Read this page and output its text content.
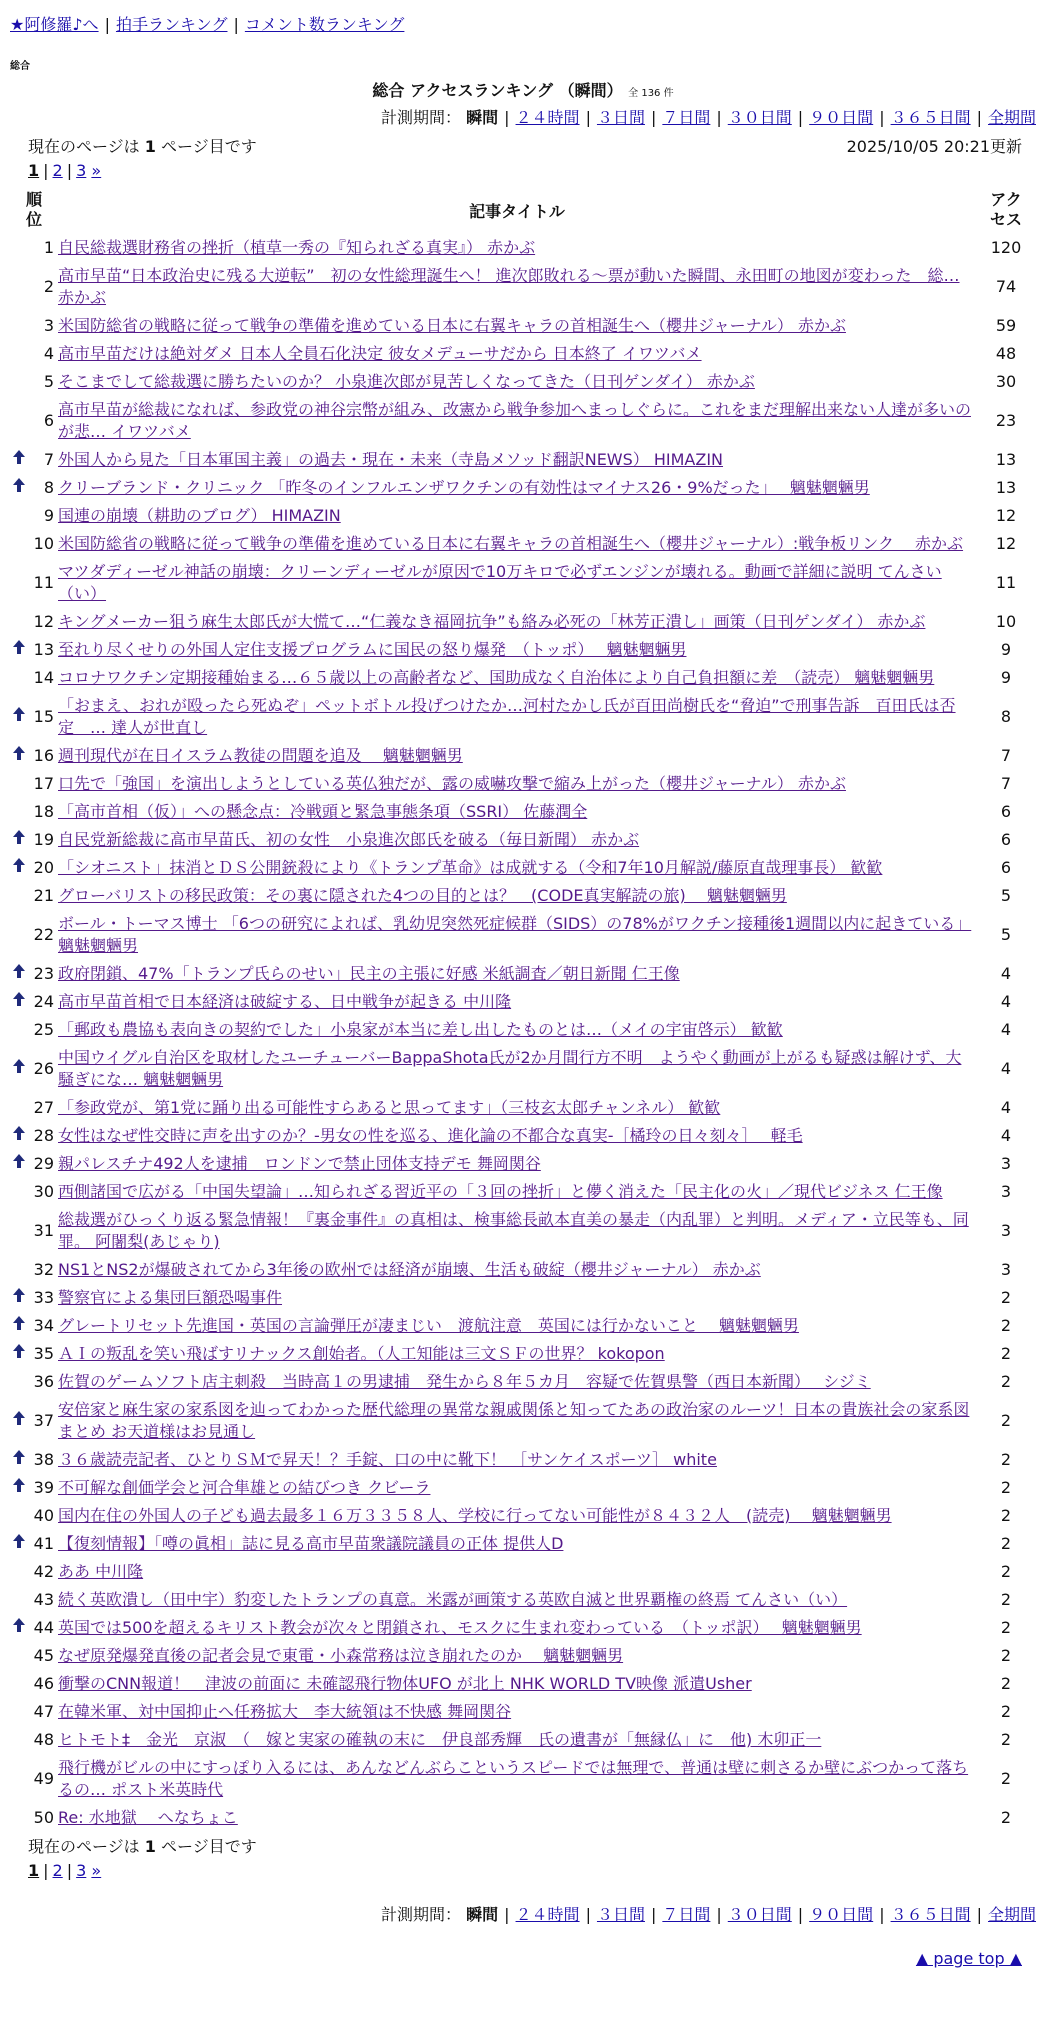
★阿修羅♪へ | 拍手ランキング | コメント数ランキング
総合
総合 アクセスランキング （瞬間） 全 136 件
計測期間： 瞬間 | ２４時間 | ３日間 | ７日間 | ３０日間 | ９０日間 | ３６５日間 | 全期間
現在のページは 1 ページ目です	2025/10/05 20:21更新
1 | 2 | 3 »
順位		記事タイトル	アクセス
	1	自民総裁選財務省の挫折（植草一秀の『知られざる真実』） 赤かぶ	120
	2	高市早苗“日本政治史に残る大逆転”　初の女性総理誕生へ！ 進次郎敗れる～票が動いた瞬間、永田町の地図が変わった　総… 赤かぶ	74
	3	米国防総省の戦略に従って戦争の準備を進めている日本に右翼キャラの首相誕生へ（櫻井ジャーナル） 赤かぶ	59
	4	高市早苗だけは絶対ダメ 日本人全員石化決定 彼女メデューサだから 日本終了 イワツバメ	48
	5	そこまでして総裁選に勝ちたいのか？ 小泉進次郎が見苦しくなってきた（日刊ゲンダイ） 赤かぶ	30
	6	高市早苗が総裁になれば、参政党の神谷宗幣が組み、改憲から戦争参加へまっしぐらに。これをまだ理解出来ない人達が多いのが悲… イワツバメ	23
	7	外国人から見た「日本軍国主義」の過去・現在・未来（寺島メソッド翻訳NEWS） HIMAZIN	13
	8	クリーブランド・クリニック 「昨冬のインフルエンザワクチンの有効性はマイナス26・9%だった」　 魑魅魍魎男	13
	9	国連の崩壊（耕助のブログ） HIMAZIN	12
	10	米国防総省の戦略に従って戦争の準備を進めている日本に右翼キャラの首相誕生へ（櫻井ジャーナル）:戦争板リンク　 赤かぶ	12
	11	マツダディーゼル神話の崩壊：クリーンディーゼルが原因で10万キロで必ずエンジンが壊れる。動画で詳細に説明 てんさい（い）	11
	12	キングメーカー狙う麻生太郎氏が大慌て…“仁義なき福岡抗争”も絡み必死の「林芳正潰し」画策（日刊ゲンダイ） 赤かぶ	10
	13	至れり尽くせりの外国人定住支援プログラムに国民の怒り爆発　（トッポ）　 魑魅魍魎男	9
	14	コロナワクチン定期接種始まる…６５歳以上の高齢者など、国助成なく自治体により自己負担額に差　（読売） 魑魅魍魎男	9
	15	「おまえ、おれが殴ったら死ぬぞ」ペットボトル投げつけたか…河村たかし氏が百田尚樹氏を“脅迫”で刑事告訴　百田氏は否定　… 達人が世直し	8
	16	週刊現代が在日イスラム教徒の問題を追及　 魑魅魍魎男	7
	17	口先で「強国」を演出しようとしている英仏独だが、露の威嚇攻撃で縮み上がった（櫻井ジャーナル） 赤かぶ	7
	18	「高市首相（仮）」への懸念点：冷戦頭と緊急事態条項（SSRI） 佐藤潤全	6
	19	自民党新総裁に高市早苗氏、初の女性　小泉進次郎氏を破る（毎日新聞） 赤かぶ	6
	20	「シオニスト」抹消とＤＳ公開銃殺により《トランプ革命》は成就する（令和7年10月解説/藤原直哉理事長） 歓歓	6
	21	グローバリストの移民政策：その裏に隠された4つの目的とは？　(CODE真実解読の旅)　 魑魅魍魎男	5
	22	ボール・トーマス博士 「6つの研究によれば、乳幼児突然死症候群（SIDS）の78%がワクチン接種後1週間以内に起きている」 魑魅魍魎男	5
	23	政府閉鎖、47%「トランプ氏らのせい」民主の主張に好感 米紙調査／朝日新聞 仁王像	4
	24	高市早苗首相で日本経済は破綻する、日中戦争が起きる 中川隆	4
	25	「郵政も農協も表向きの契約でした」小泉家が本当に差し出したものとは…（メイの宇宙啓示） 歓歓	4
	26	中国ウイグル自治区を取材したユーチューバーBappaShota氏が2か月間行方不明　ようやく動画が上がるも疑惑は解けず、大騒ぎにな… 魑魅魍魎男	4
	27	「参政党が、第1党に踊り出る可能性すらあると思ってます」（三枝玄太郎チャンネル） 歓歓	4
	28	女性はなぜ性交時に声を出すのか？-男女の性を巡る、進化論の不都合な真実-［橘玲の日々刻々］　 軽毛	4
	29	親パレスチナ492人を逮捕　ロンドンで禁止団体支持デモ 舞岡関谷	3
	30	西側諸国で広がる「中国失望論」…知られざる習近平の「３回の挫折」と儚く消えた「民主化の火」／現代ビジネス 仁王像	3
	31	総裁選がひっくり返る緊急情報！『裏金事件』の真相は、検事総長畝本直美の暴走（内乱罪）と判明。メディア・立民等も、同罪。 阿闍梨(あじゃり)	3
	32	NS1とNS2が爆破されてから3年後の欧州では経済が崩壊、生活も破綻（櫻井ジャーナル） 赤かぶ	3
	33	警察官による集団巨額恐喝事件	2
	34	グレートリセット先進国・英国の言論弾圧が凄まじい　渡航注意　英国には行かないこと　 魑魅魍魎男	2
	35	ＡＩの叛乱を笑い飛ばすリナックス創始者。（人工知能は三文ＳＦの世界？ kokopon	2
	36	佐賀のゲームソフト店主刺殺　当時高１の男逮捕　発生から８年５カ月　容疑で佐賀県警（西日本新聞）　 シジミ	2
	37	安倍家と麻生家の家系図を辿ってわかった歴代総理の異常な親戚関係と知ってたあの政治家のルーツ！日本の貴族社会の家系図まとめ お天道様はお見通し	2
	38	３６歳読売記者、ひとりＳＭで昇天！？手錠、口の中に靴下！ ［サンケイスポーツ］ white	2
	39	不可解な創価学会と河合隼雄との結びつき クビーラ	2
	40	国内在住の外国人の子ども過去最多１６万３３５８人、学校に行ってない可能性が８４３２人　(読売)　 魑魅魍魎男	2
	41	【復刻情報】「噂の眞相」誌に見る高市早苗衆議院議員の正体 提供人D	2
	42	ああ 中川隆	2
	43	続く英欧潰し（田中宇）豹変したトランプの真意。米露が画策する英欧自滅と世界覇権の終焉 てんさい（い）	2
	44	英国では500を超えるキリスト教会が次々と閉鎖され、モスクに生まれ変わっている　（トッポ訳）　 魑魅魍魎男	2
	45	なぜ原発爆発直後の記者会見で東電・小森常務は泣き崩れたのか　 魑魅魍魎男	2
	46	衝撃のCNN報道！　津波の前面に 未確認飛行物体UFO が北上 NHK WORLD TV映像 派遣Usher	2
	47	在韓米軍、対中国抑止へ任務拡大　李大統領は不快感 舞岡関谷	2
	48	ヒトモト‡　金光　京淑　（　嫁と実家の確執の末に　伊良部秀輝　氏の遺書が「無縁仏」に　他) 木卯正一	2
	49	飛行機がビルの中にすっぽり入るには、あんなどんぶらこというスピードでは無理で、普通は壁に刺さるか壁にぶつかって落ちるの… ポスト米英時代	2
	50	Re: 水地獄　 へなちょこ	2
現在のページは 1 ページ目です
1 | 2 | 3 »
計測期間： 瞬間 | ２４時間 | ３日間 | ７日間 | ３０日間 | ９０日間 | ３６５日間 | 全期間
▲ page top ▲
